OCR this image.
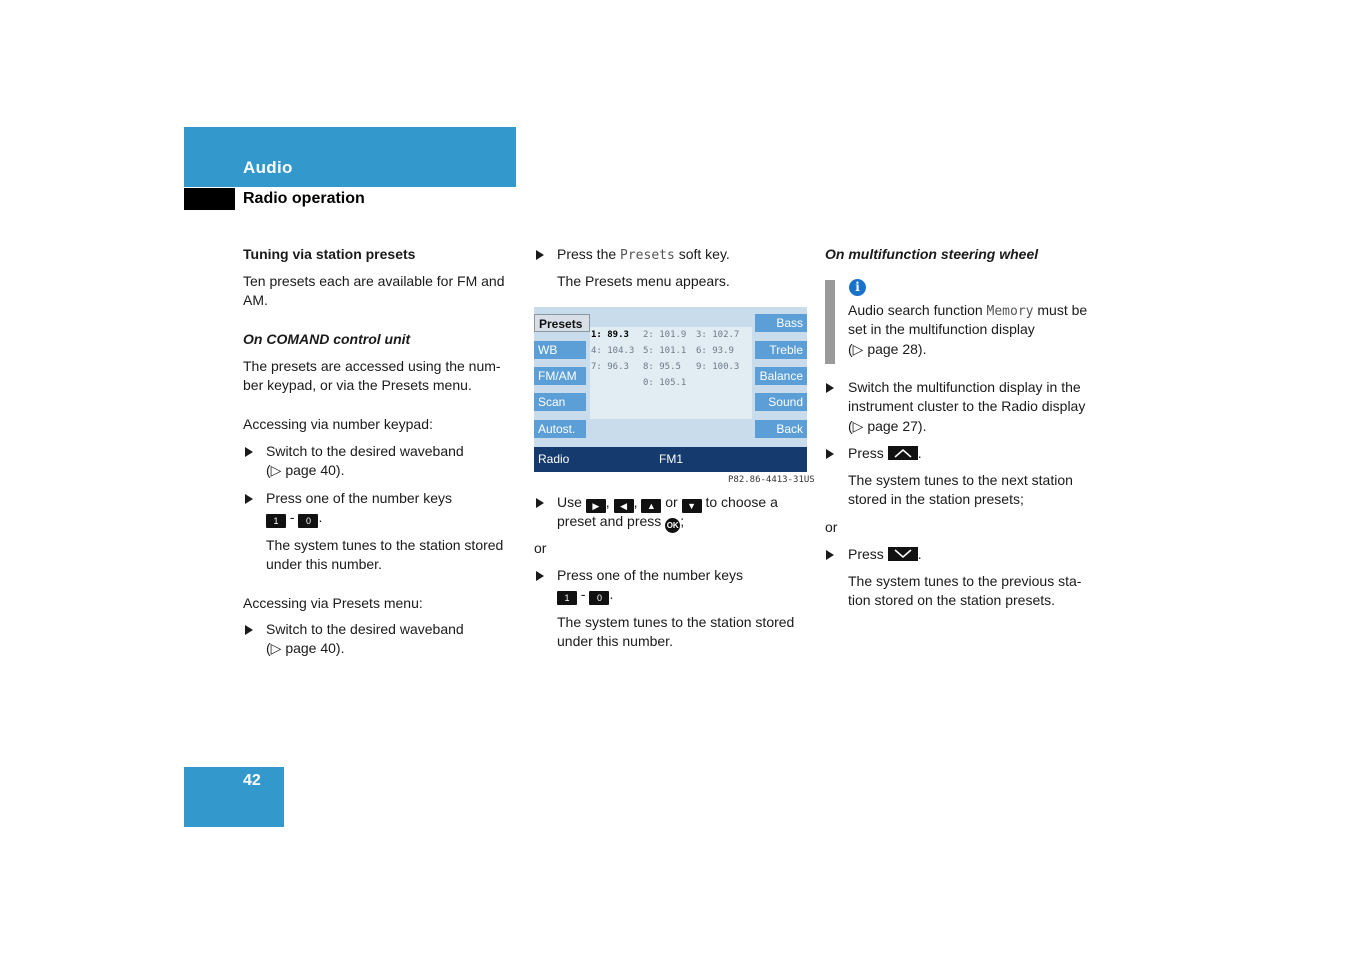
Audio
Radio operation
Tuning via station presets
Ten presets each are available for FM and
AM.
On COMAND control unit
The presets are accessed using the num-
ber keypad, or via the Presets menu.
Accessing via number keypad:
Switch to the desired waveband
(▷ page 40).
Press one of the number keys
1 - 0 .
The system tunes to the station stored
under this number.
Accessing via Presets menu:
Switch to the desired waveband
(▷ page 40).
Press the Presets soft key.
The Presets menu appears.
Presets
WB
FM/AM
Scan
Autost.
Bass
Treble
Balance
Sound
Back
1: 89.3 2: 101.9 3: 102.7
4: 104.3 5: 101.1 6: 93.9
7: 96.3 8: 95.5 9: 100.3
0: 105.1
Radio	FM1
P82.86-4413-31US
Use ▶ , ◀ , ▲ or ▼ to choose a
preset and press OK ;
or
Press one of the number keys
1 - 0 .
The system tunes to the station stored
under this number.
On multifunction steering wheel
i
Audio search function Memory must be
set in the multifunction display
(▷ page 28).
Switch the multifunction display in the
instrument cluster to the Radio display
(▷ page 27).
Press .
The system tunes to the next station
stored in the station presets;
or
Press .
The system tunes to the previous sta-
tion stored on the station presets.
42
